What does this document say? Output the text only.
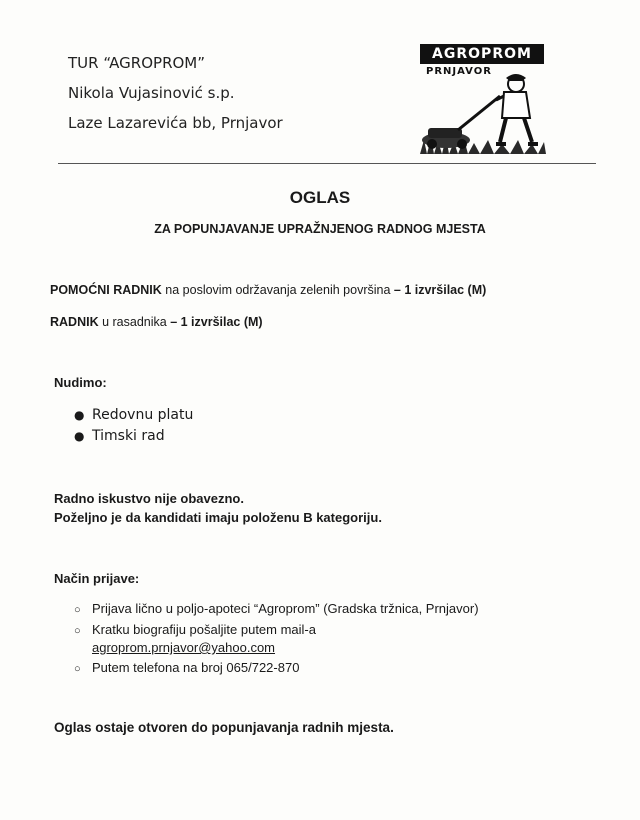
TUR “AGROPROM”
Nikola Vujasinović s.p.
Laze Lazarevića bb, Prnjavor
AGROPROM
PRNJAVOR
OGLAS
ZA POPUNJAVANJE UPRAŽNJENOG RADNOG MJESTA
POMOĆNI RADNIK na poslovim održavanja zelenih površina – 1 izvršilac (M)
RADNIK u rasadnika – 1 izvršilac (M)
Nudimo:
● Redovnu platu
● Timski rad
Radno iskustvo nije obavezno.
Poželjno je da kandidati imaju položenu B kategoriju.
Način prijave:
○ Prijava lično u poljo-apoteci “Agroprom” (Gradska tržnica, Prnjavor)
○ Kratku biografiju pošaljite putem mail-a
agroprom.prnjavor@yahoo.com
○ Putem telefona na broj 065/722-870
Oglas ostaje otvoren do popunjavanja radnih mjesta.
